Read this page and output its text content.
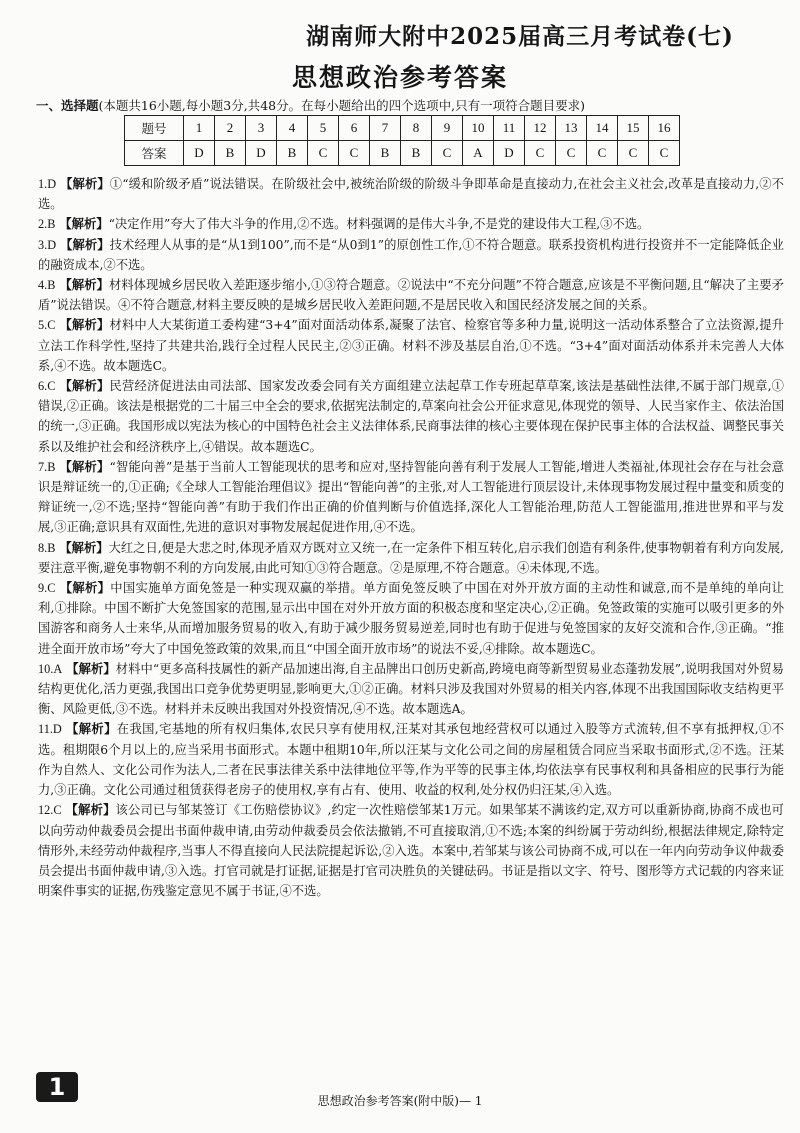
湖南师大附中2025届高三月考试卷(七)
思想政治参考答案
一、选择题(本题共16小题,每小题3分,共48分。在每小题给出的四个选项中,只有一项符合题目要求)
题号	1	2	3	4	5	6	7	8	9	10	11	12	13	14	15	16
答案	D	B	D	B	C	C	B	B	C	A	D	C	C	C	C	C

1.D 【解析】①“缓和阶级矛盾”说法错误。在阶级社会中,被统治阶级的阶级斗争即革命是直接动力,在社会主义社会,改革是直接动力,②不选。

2.B 【解析】“决定作用”夸大了伟大斗争的作用,②不选。材料强调的是伟大斗争,不是党的建设伟大工程,③不选。

3.D 【解析】技术经理人从事的是“从1到100”,而不是“从0到1”的原创性工作,①不符合题意。联系投资机构进行投资并不一定能降低企业的融资成本,②不选。

4.B 【解析】材料体现城乡居民收入差距逐步缩小,①③符合题意。②说法中“不充分问题”不符合题意,应该是不平衡问题,且“解决了主要矛盾”说法错误。④不符合题意,材料主要反映的是城乡居民收入差距问题,不是居民收入和国民经济发展之间的关系。

5.C 【解析】材料中人大某街道工委构建“3+4”面对面活动体系,凝聚了法官、检察官等多种力量,说明这一活动体系整合了立法资源,提升立法工作科学性,坚持了共建共治,践行全过程人民民主,②③正确。材料不涉及基层自治,①不选。“3+4”面对面活动体系并未完善人大体系,④不选。故本题选C。

6.C 【解析】民营经济促进法由司法部、国家发改委会同有关方面组建立法起草工作专班起草草案,该法是基础性法律,不属于部门规章,①错误,②正确。该法是根据党的二十届三中全会的要求,依据宪法制定的,草案向社会公开征求意见,体现党的领导、人民当家作主、依法治国的统一,③正确。我国形成以宪法为核心的中国特色社会主义法律体系,民商事法律的核心主要体现在保护民事主体的合法权益、调整民事关系以及维护社会和经济秩序上,④错误。故本题选C。

7.B 【解析】“智能向善”是基于当前人工智能现状的思考和应对,坚持智能向善有利于发展人工智能,增进人类福祉,体现社会存在与社会意识是辩证统一的,①正确;《全球人工智能治理倡议》提出“智能向善”的主张,对人工智能进行顶层设计,未体现事物发展过程中量变和质变的辩证统一,②不选;坚持“智能向善”有助于我们作出正确的价值判断与价值选择,深化人工智能治理,防范人工智能滥用,推进世界和平与发展,③正确;意识具有双面性,先进的意识对事物发展起促进作用,④不选。

8.B 【解析】大红之日,便是大悲之时,体现矛盾双方既对立又统一,在一定条件下相互转化,启示我们创造有利条件,使事物朝着有利方向发展,要注意平衡,避免事物朝不利的方向发展,由此可知①③符合题意。②是原理,不符合题意。④未体现,不选。

9.C 【解析】中国实施单方面免签是一种实现双赢的举措。单方面免签反映了中国在对外开放方面的主动性和诚意,而不是单纯的单向让利,①排除。中国不断扩大免签国家的范围,显示出中国在对外开放方面的积极态度和坚定决心,②正确。免签政策的实施可以吸引更多的外国游客和商务人士来华,从而增加服务贸易的收入,有助于减少服务贸易逆差,同时也有助于促进与免签国家的友好交流和合作,③正确。“推进全面开放市场”夸大了中国免签政策的效果,而且“中国全面开放市场”的说法不妥,④排除。故本题选C。

10.A 【解析】材料中“更多高科技属性的新产品加速出海,自主品牌出口创历史新高,跨境电商等新型贸易业态蓬勃发展”,说明我国对外贸易结构更优化,活力更强,我国出口竞争优势更明显,影响更大,①②正确。材料只涉及我国对外贸易的相关内容,体现不出我国国际收支结构更平衡、风险更低,③不选。材料并未反映出我国对外投资情况,④不选。故本题选A。

11.D 【解析】在我国,宅基地的所有权归集体,农民只享有使用权,汪某对其承包地经营权可以通过入股等方式流转,但不享有抵押权,①不选。租期限6个月以上的,应当采用书面形式。本题中租期10年,所以汪某与文化公司之间的房屋租赁合同应当采取书面形式,②不选。汪某作为自然人、文化公司作为法人,二者在民事法律关系中法律地位平等,作为平等的民事主体,均依法享有民事权利和具备相应的民事行为能力,③正确。文化公司通过租赁获得老房子的使用权,享有占有、使用、收益的权利,处分权仍归汪某,④入选。

12.C 【解析】该公司已与邹某签订《工伤赔偿协议》,约定一次性赔偿邹某1万元。如果邹某不满该约定,双方可以重新协商,协商不成也可以向劳动仲裁委员会提出书面仲裁申请,由劳动仲裁委员会依法撤销,不可直接取消,①不选;本案的纠纷属于劳动纠纷,根据法律规定,除特定情形外,未经劳动仲裁程序,当事人不得直接向人民法院提起诉讼,②入选。本案中,若邹某与该公司协商不成,可以在一年内向劳动争议仲裁委员会提出书面仲裁申请,③入选。打官司就是打证据,证据是打官司决胜负的关键砝码。书证是指以文字、符号、图形等方式记载的内容来证明案件事实的证据,伤残鉴定意见不属于书证,④不选。

1	思想政治参考答案(附中版)— 1
